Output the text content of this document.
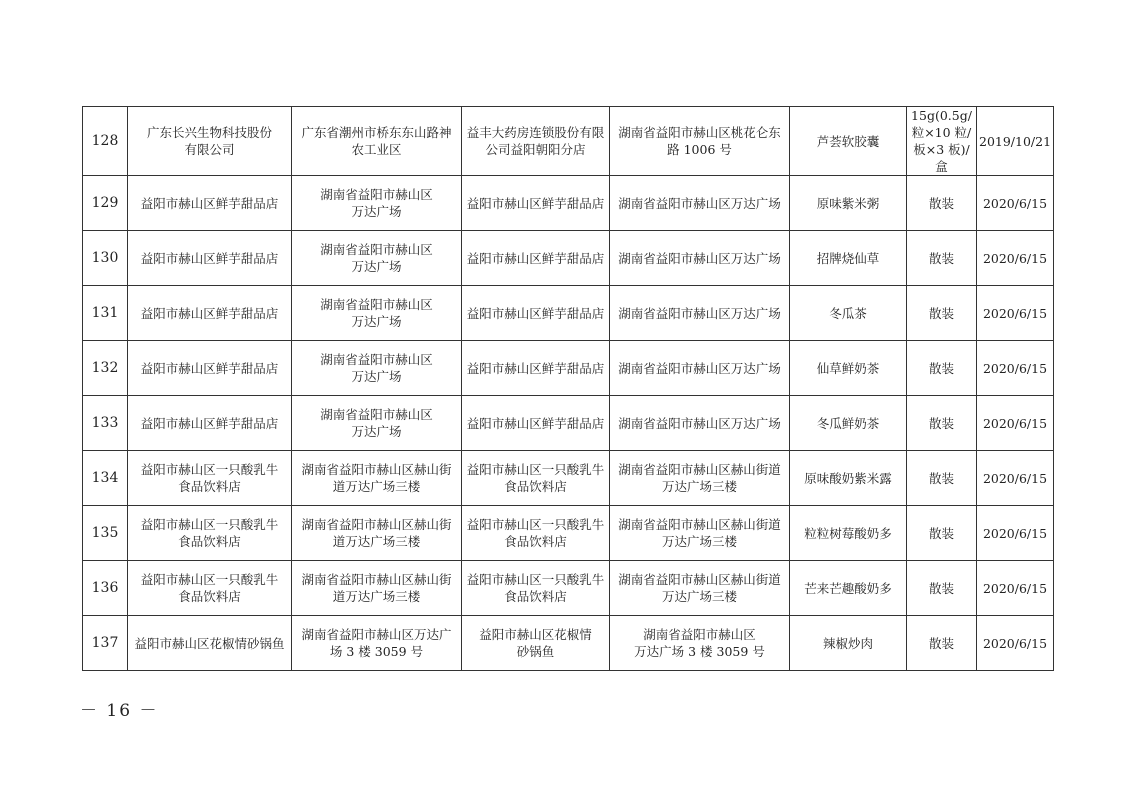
128	广东长兴生物科技股份
有限公司	广东省潮州市桥东东山路神
农工业区	益丰大药房连锁股份有限
公司益阳朝阳分店	湖南省益阳市赫山区桃花仑东
路 1006 号	芦荟软胶囊	15g(0.5g/
粒×10 粒/
板×3 板)/
盒	2019/10/21
129	益阳市赫山区鲜芋甜品店	湖南省益阳市赫山区
万达广场	益阳市赫山区鲜芋甜品店	湖南省益阳市赫山区万达广场	原味紫米粥	散装	2020/6/15
130	益阳市赫山区鲜芋甜品店	湖南省益阳市赫山区
万达广场	益阳市赫山区鲜芋甜品店	湖南省益阳市赫山区万达广场	招牌烧仙草	散装	2020/6/15
131	益阳市赫山区鲜芋甜品店	湖南省益阳市赫山区
万达广场	益阳市赫山区鲜芋甜品店	湖南省益阳市赫山区万达广场	冬瓜茶	散装	2020/6/15
132	益阳市赫山区鲜芋甜品店	湖南省益阳市赫山区
万达广场	益阳市赫山区鲜芋甜品店	湖南省益阳市赫山区万达广场	仙草鲜奶茶	散装	2020/6/15
133	益阳市赫山区鲜芋甜品店	湖南省益阳市赫山区
万达广场	益阳市赫山区鲜芋甜品店	湖南省益阳市赫山区万达广场	冬瓜鲜奶茶	散装	2020/6/15
134	益阳市赫山区一只酸乳牛
食品饮料店	湖南省益阳市赫山区赫山街
道万达广场三楼	益阳市赫山区一只酸乳牛
食品饮料店	湖南省益阳市赫山区赫山街道
万达广场三楼	原味酸奶紫米露	散装	2020/6/15
135	益阳市赫山区一只酸乳牛
食品饮料店	湖南省益阳市赫山区赫山街
道万达广场三楼	益阳市赫山区一只酸乳牛
食品饮料店	湖南省益阳市赫山区赫山街道
万达广场三楼	粒粒树莓酸奶多	散装	2020/6/15
136	益阳市赫山区一只酸乳牛
食品饮料店	湖南省益阳市赫山区赫山街
道万达广场三楼	益阳市赫山区一只酸乳牛
食品饮料店	湖南省益阳市赫山区赫山街道
万达广场三楼	芒来芒趣酸奶多	散装	2020/6/15
137	益阳市赫山区花椒情砂锅鱼	湖南省益阳市赫山区万达广
场 3 楼 3059 号	益阳市赫山区花椒情
砂锅鱼	湖南省益阳市赫山区
万达广场 3 楼 3059 号	辣椒炒肉	散装	2020/6/15
－ 16 －
